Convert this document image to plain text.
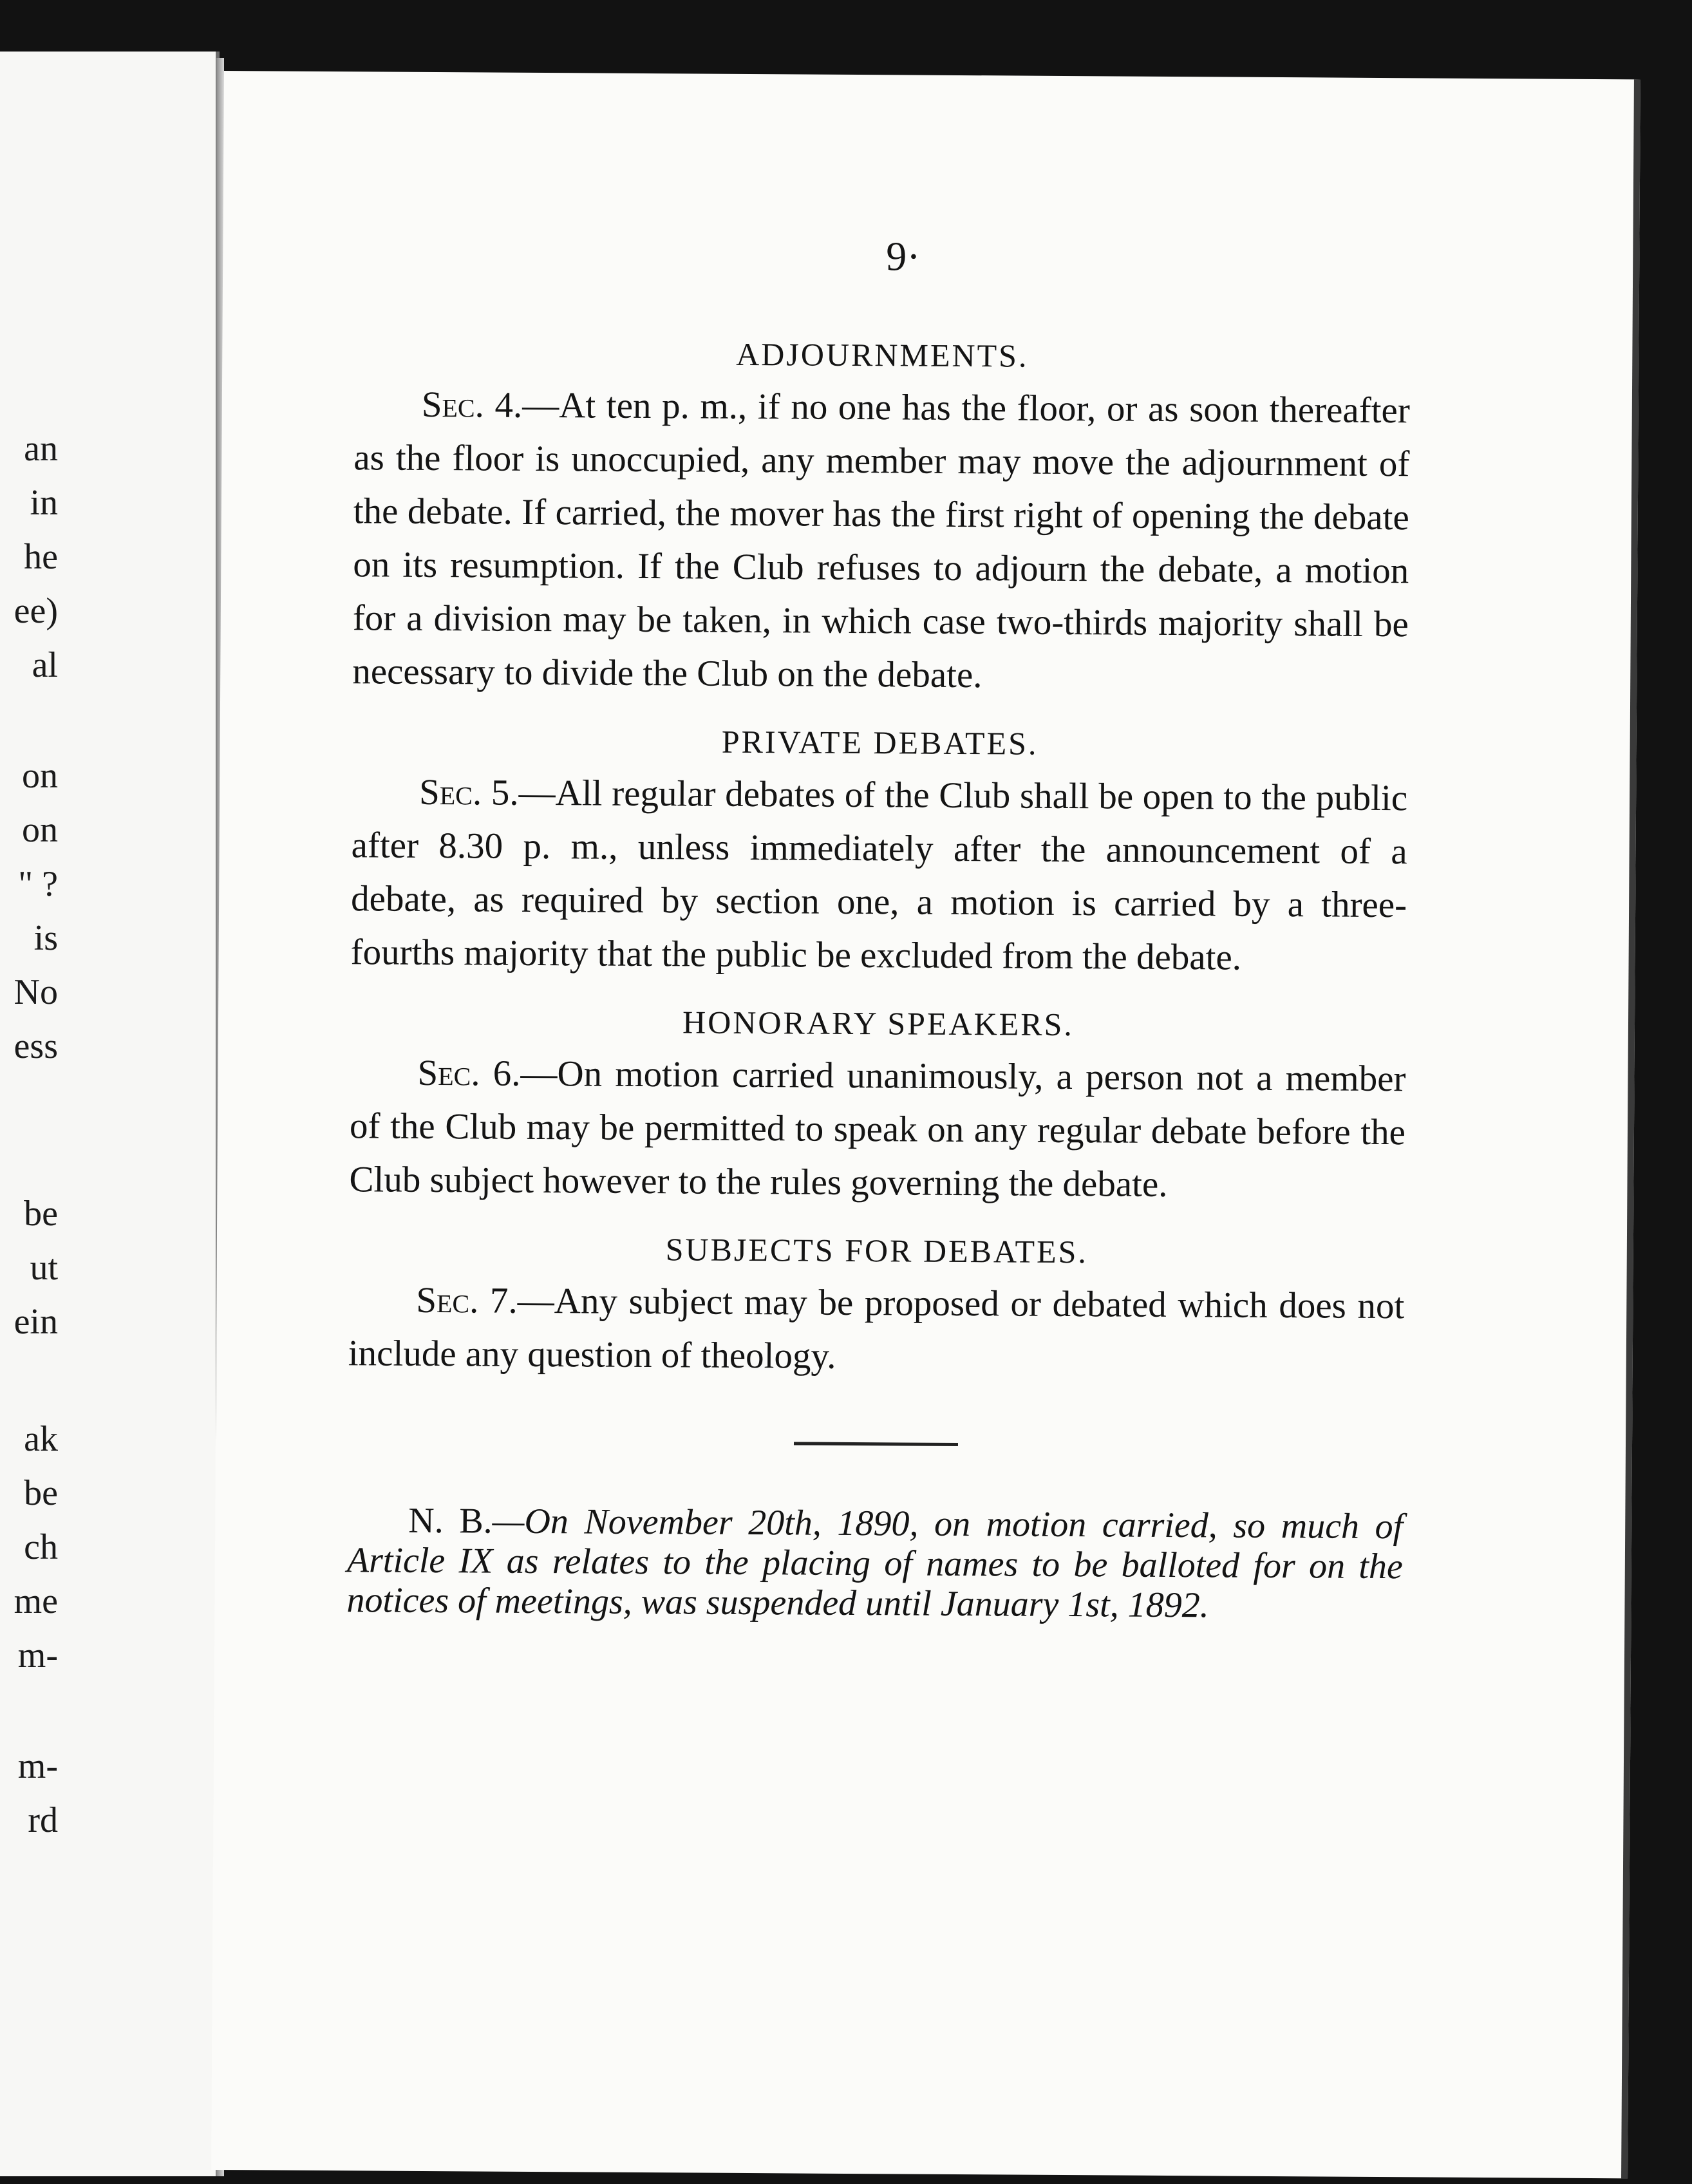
an
in
he
ee)
al
on
on
" ?
is
No
ess
be
ut
ein
ak
be
ch
me
m-
m-
rd
9·
ADJOURNMENTS.

Sec. 4.—At ten p. m., if no one has the floor, or as soon thereafter as the floor is unoccupied, any member may move the adjournment of the debate. If carried, the mover has the first right of opening the debate on its resumption. If the Club refuses to adjourn the debate, a motion for a division may be taken, in which case two-thirds majority shall be necessary to divide the Club on the debate.

PRIVATE DEBATES.

Sec. 5.—All regular debates of the Club shall be open to the public after 8.30 p. m., unless immediately after the announcement of a debate, as required by section one, a motion is carried by a three-fourths majority that the public be excluded from the debate.

HONORARY SPEAKERS.

Sec. 6.—On motion carried unanimously, a person not a member of the Club may be permitted to speak on any regular debate before the Club subject however to the rules governing the debate.

SUBJECTS FOR DEBATES.

Sec. 7.—Any subject may be proposed or debated which does not include any question of theology.

N. B.—On November 20th, 1890, on motion carried, so much of Article IX as relates to the placing of names to be balloted for on the notices of meetings, was suspended until January 1st, 1892.
